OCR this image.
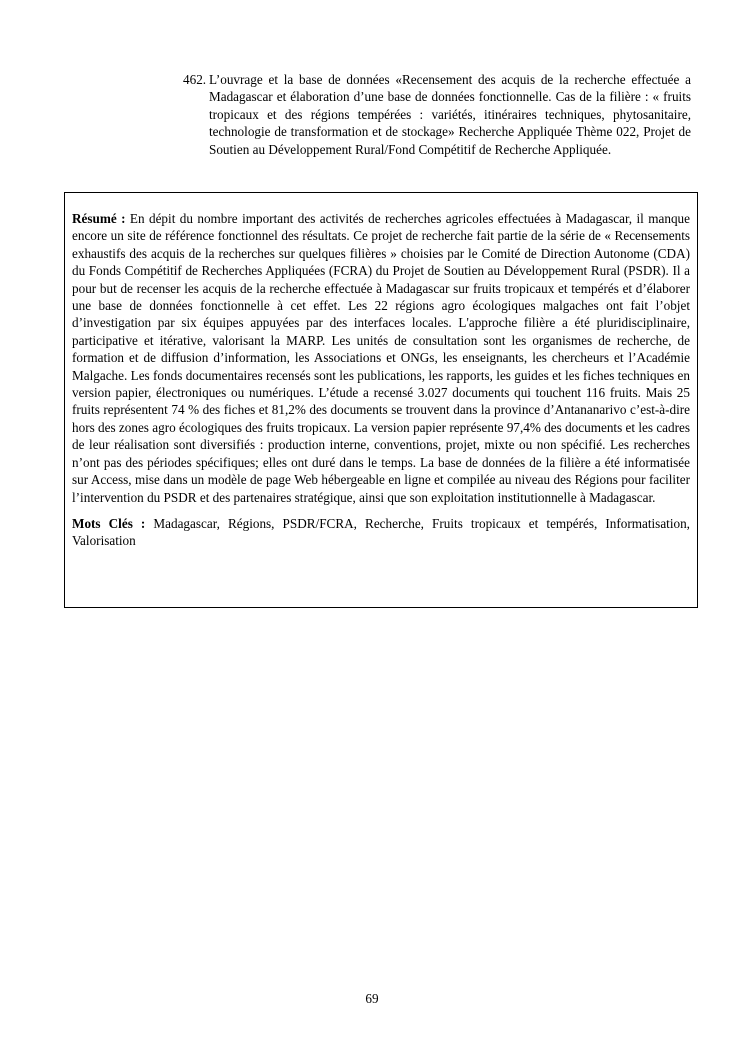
462. L’ouvrage et la base de données «Recensement des acquis de la recherche effectuée a Madagascar et élaboration d’une base de données fonctionnelle. Cas de la filière : « fruits tropicaux et des régions tempérées : variétés, itinéraires techniques, phytosanitaire, technologie de transformation et de stockage» Recherche Appliquée Thème 022, Projet de Soutien au Développement Rural/Fond Compétitif de Recherche Appliquée.

Résumé : En dépit du nombre important des activités de recherches agricoles effectuées à Madagascar, il manque encore un site de référence fonctionnel des résultats. Ce projet de recherche fait partie de la série de « Recensements exhaustifs des acquis de la recherches sur quelques filières » choisies par le Comité de Direction Autonome (CDA) du Fonds Compétitif de Recherches Appliquées (FCRA) du Projet de Soutien au Développement Rural (PSDR). Il a pour but de recenser les acquis de la recherche effectuée à Madagascar sur fruits tropicaux et tempérés et d’élaborer une base de données fonctionnelle à cet effet. Les 22 régions agro écologiques malgaches ont fait l’objet d’investigation par six équipes appuyées par des interfaces locales. L'approche filière a été pluridisciplinaire, participative et itérative, valorisant la MARP. Les unités de consultation sont les organismes de recherche, de formation et de diffusion d’information, les Associations et ONGs, les enseignants, les chercheurs et l’Académie Malgache. Les fonds documentaires recensés sont les publications, les rapports, les guides et les fiches techniques en version papier, électroniques ou numériques. L’étude a recensé 3.027 documents qui touchent 116 fruits. Mais 25 fruits représentent 74 % des fiches et 81,2% des documents se trouvent dans la province d’Antananarivo c’est-à-dire hors des zones agro écologiques des fruits tropicaux. La version papier représente 97,4% des documents et les cadres de leur réalisation sont diversifiés : production interne, conventions, projet, mixte ou non spécifié. Les recherches n’ont pas des périodes spécifiques; elles ont duré dans le temps. La base de données de la filière a été informatisée sur Access, mise dans un modèle de page Web hébergeable en ligne et compilée au niveau des Régions pour faciliter l’intervention du PSDR et des partenaires stratégique, ainsi que son exploitation institutionnelle à Madagascar.

Mots Clés : Madagascar, Régions, PSDR/FCRA, Recherche, Fruits tropicaux et tempérés, Informatisation, Valorisation

69
